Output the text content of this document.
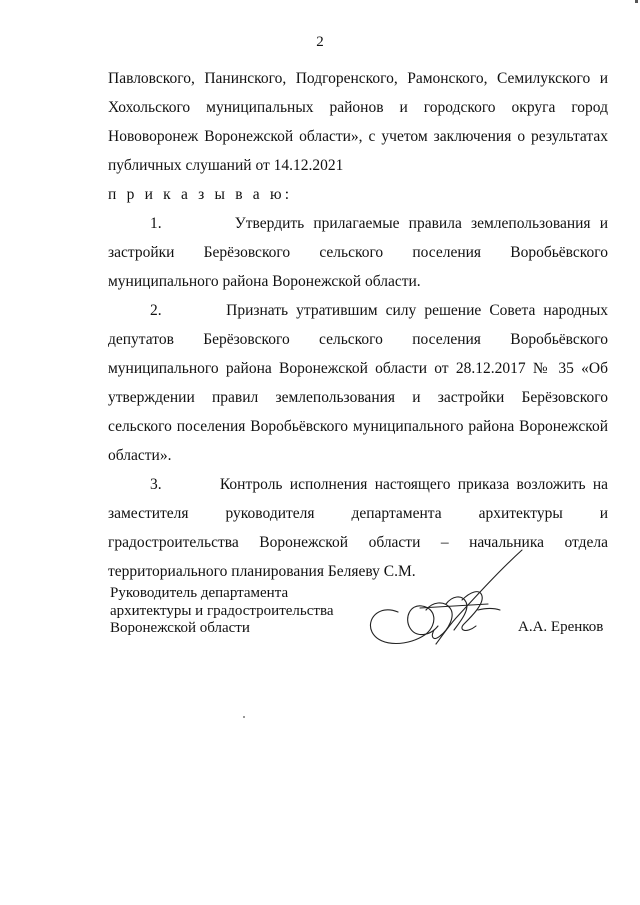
2

Павловского, Панинского, Подгоренского, Рамонского, Семилукского и Хохольского муниципальных районов и городского округа город Нововоронеж Воронежской области», с учетом заключения о результатах публичных слушаний от 14.12.2021

п р и к а з ы в а ю:

1.        Утвердить прилагаемые правила землепользования и застройки Берёзовского сельского поселения Воробьёвского муниципального района Воронежской области.

2.        Признать утратившим силу решение Совета народных депутатов Берёзовского сельского поселения Воробьёвского муниципального района Воронежской области от 28.12.2017 № 35 «Об утверждении правил землепользования и застройки Берёзовского сельского поселения Воробьёвского муниципального района Воронежской области».

3.        Контроль исполнения настоящего приказа возложить на заместителя руководителя департамента архитектуры и градостроительства Воронежской области – начальника отдела территориального планирования Беляеву С.М.

Руководитель департамента
архитектуры и градостроительства
Воронежской области	А.А. Еренков
